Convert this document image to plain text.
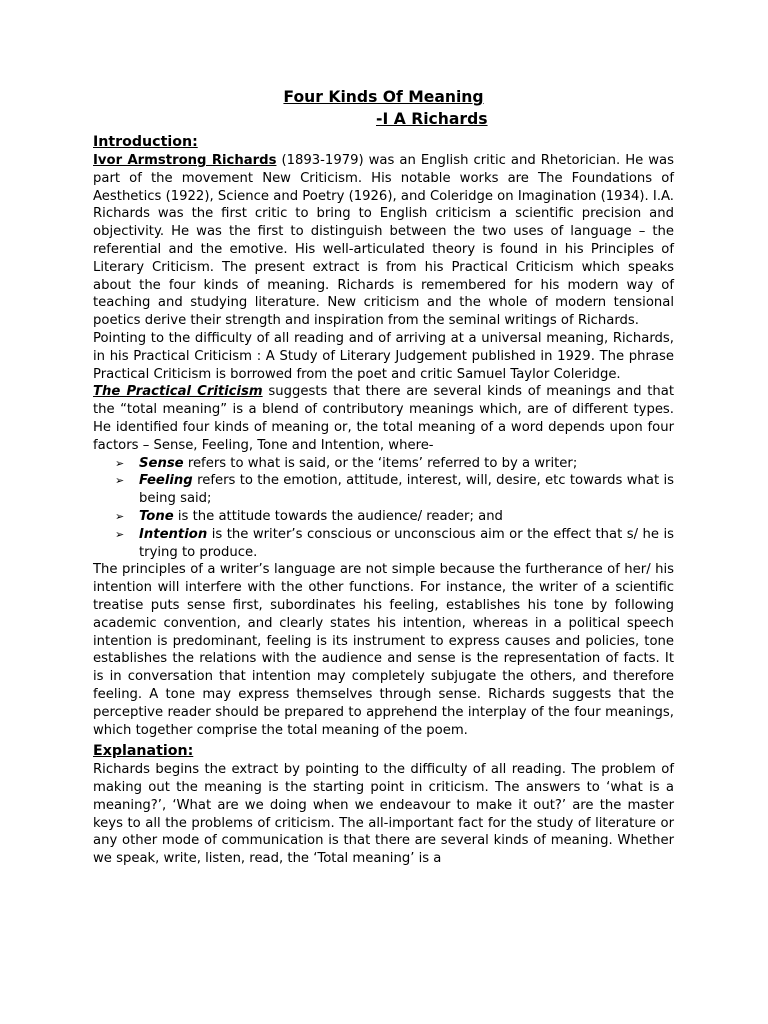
Four Kinds Of Meaning
-I A Richards
Introduction:

Ivor Armstrong Richards (1893-1979) was an English critic and Rhetorician. He was part of the movement New Criticism. His notable works are The Foundations of Aesthetics (1922), Science and Poetry (1926), and Coleridge on Imagination (1934). I.A. Richards was the first critic to bring to English criticism a scientific precision and objectivity. He was the first to distinguish between the two uses of language – the referential and the emotive. His well-articulated theory is found in his Principles of Literary Criticism. The present extract is from his Practical Criticism which speaks about the four kinds of meaning. Richards is remembered for his modern way of teaching and studying literature. New criticism and the whole of modern tensional poetics derive their strength and inspiration from the seminal writings of Richards.

Pointing to the difficulty of all reading and of arriving at a universal meaning, Richards, in his Practical Criticism : A Study of Literary Judgement published in 1929. The phrase Practical Criticism is borrowed from the poet and critic Samuel Taylor Coleridge.

The Practical Criticism suggests that there are several kinds of meanings and that the “total meaning” is a blend of contributory meanings which, are of different types. He identified four kinds of meaning or, the total meaning of a word depends upon four factors – Sense, Feeling, Tone and Intention, where-

➢ Sense refers to what is said, or the ‘items’ referred to by a writer;
➢ Feeling refers to the emotion, attitude, interest, will, desire, etc towards what is being said;
➢ Tone is the attitude towards the audience/ reader; and
➢ Intention is the writer’s conscious or unconscious aim or the effect that s/ he is trying to produce.

The principles of a writer’s language are not simple because the furtherance of her/ his intention will interfere with the other functions. For instance, the writer of a scientific treatise puts sense first, subordinates his feeling, establishes his tone by following academic convention, and clearly states his intention, whereas in a political speech intention is predominant, feeling is its instrument to express causes and policies, tone establishes the relations with the audience and sense is the representation of facts. It is in conversation that intention may completely subjugate the others, and therefore feeling. A tone may express themselves through sense. Richards suggests that the perceptive reader should be prepared to apprehend the interplay of the four meanings, which together comprise the total meaning of the poem.

Explanation:

Richards begins the extract by pointing to the difficulty of all reading. The problem of making out the meaning is the starting point in criticism. The answers to ‘what is a meaning?’, ‘What are we doing when we endeavour to make it out?’ are the master keys to all the problems of criticism. The all-important fact for the study of literature or any other mode of communication is that there are several kinds of meaning. Whether we speak, write, listen, read, the ‘Total meaning’ is a
